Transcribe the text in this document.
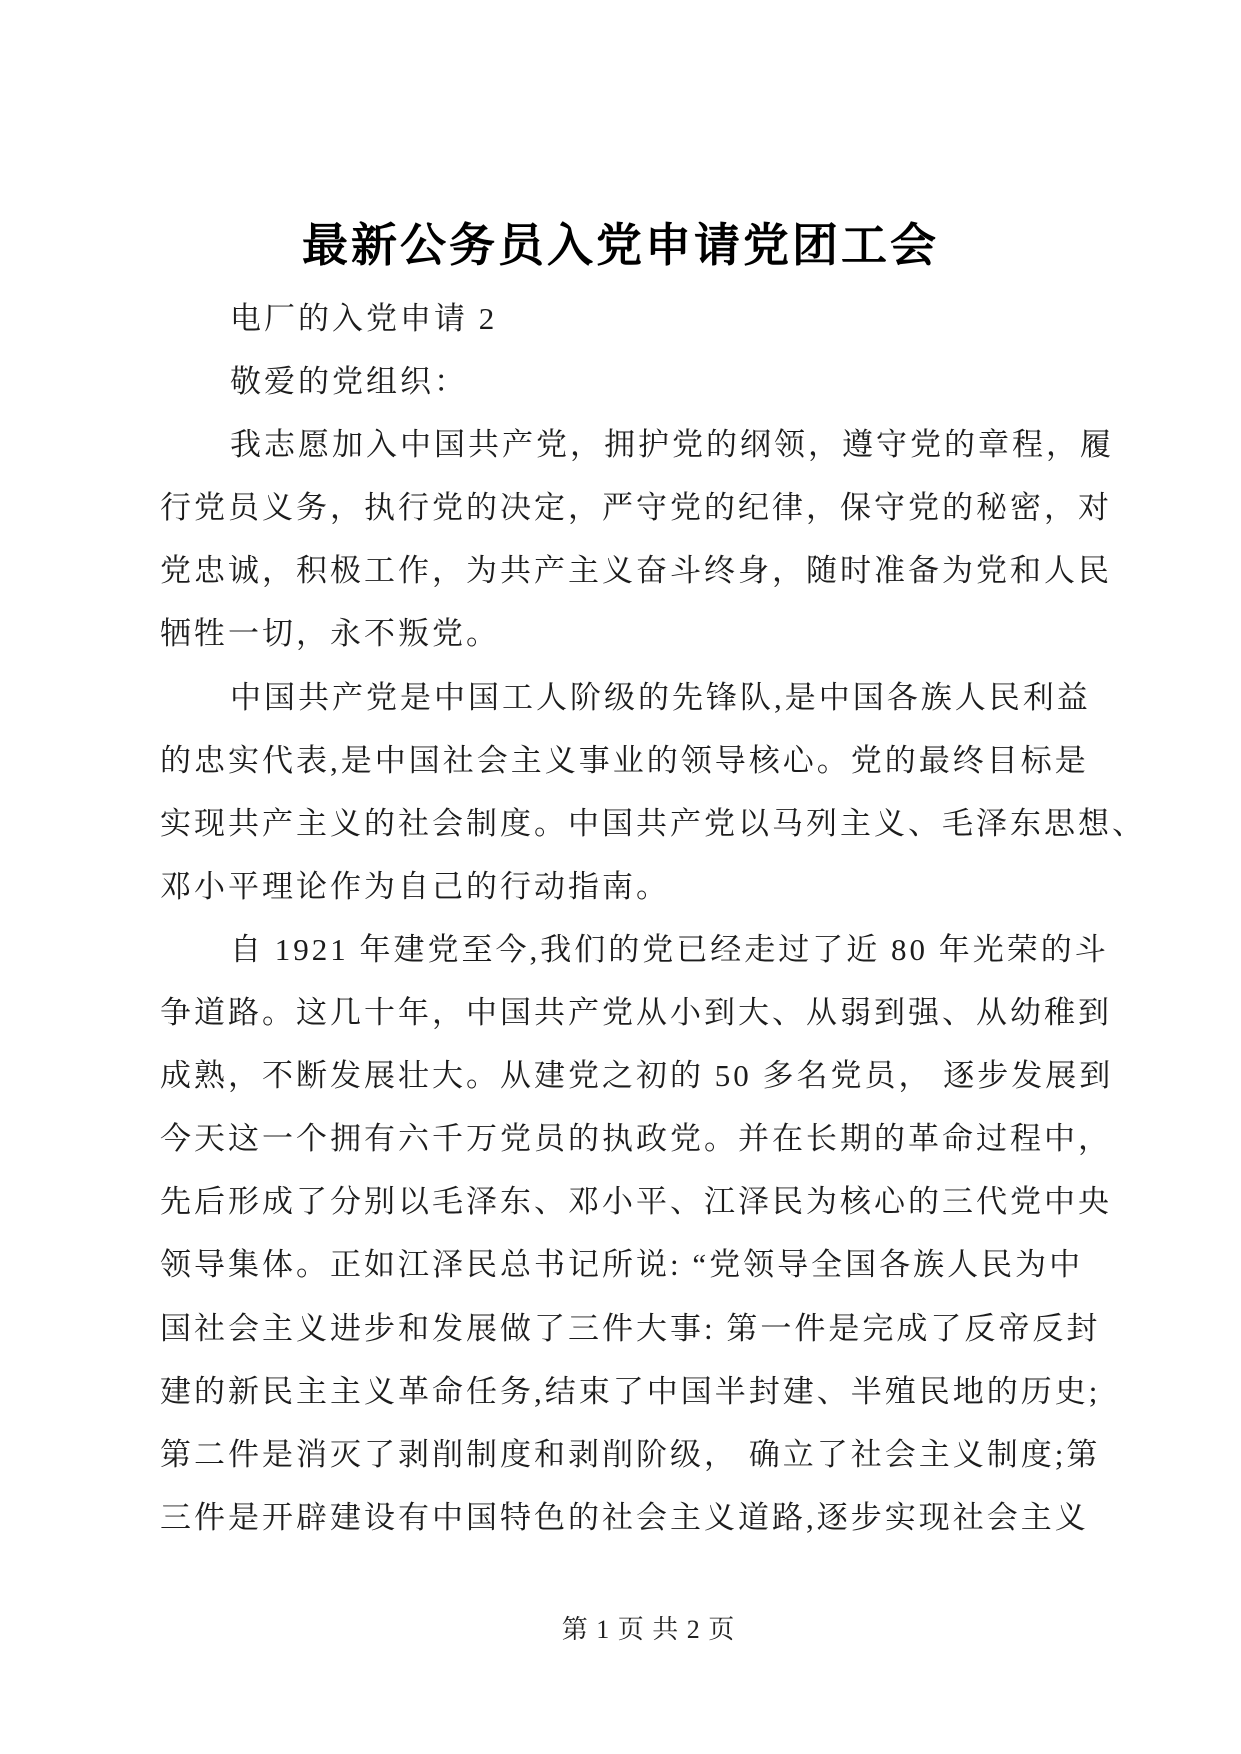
最新公务员入党申请党团工会
电厂的入党申请 2
敬爱的党组织：
我志愿加入中国共产党，拥护党的纲领，遵守党的章程，履
行党员义务，执行党的决定，严守党的纪律，保守党的秘密，对
党忠诚，积极工作，为共产主义奋斗终身，随时准备为党和人民
牺牲一切，永不叛党。
中国共产党是中国工人阶级的先锋队,是中国各族人民利益
的忠实代表,是中国社会主义事业的领导核心。党的最终目标是
实现共产主义的社会制度。中国共产党以马列主义、毛泽东思想、
邓小平理论作为自己的行动指南。
自 1921 年建党至今,我们的党已经走过了近 80 年光荣的斗
争道路。这几十年，中国共产党从小到大、从弱到强、从幼稚到
成熟，不断发展壮大。从建党之初的 50 多名党员， 逐步发展到
今天这一个拥有六千万党员的执政党。并在长期的革命过程中，
先后形成了分别以毛泽东、邓小平、江泽民为核心的三代党中央
领导集体。正如江泽民总书记所说: “党领导全国各族人民为中
国社会主义进步和发展做了三件大事: 第一件是完成了反帝反封
建的新民主主义革命任务,结束了中国半封建、半殖民地的历史;
第二件是消灭了剥削制度和剥削阶级， 确立了社会主义制度;第
三件是开辟建设有中国特色的社会主义道路,逐步实现社会主义
第 1 页 共 2 页
